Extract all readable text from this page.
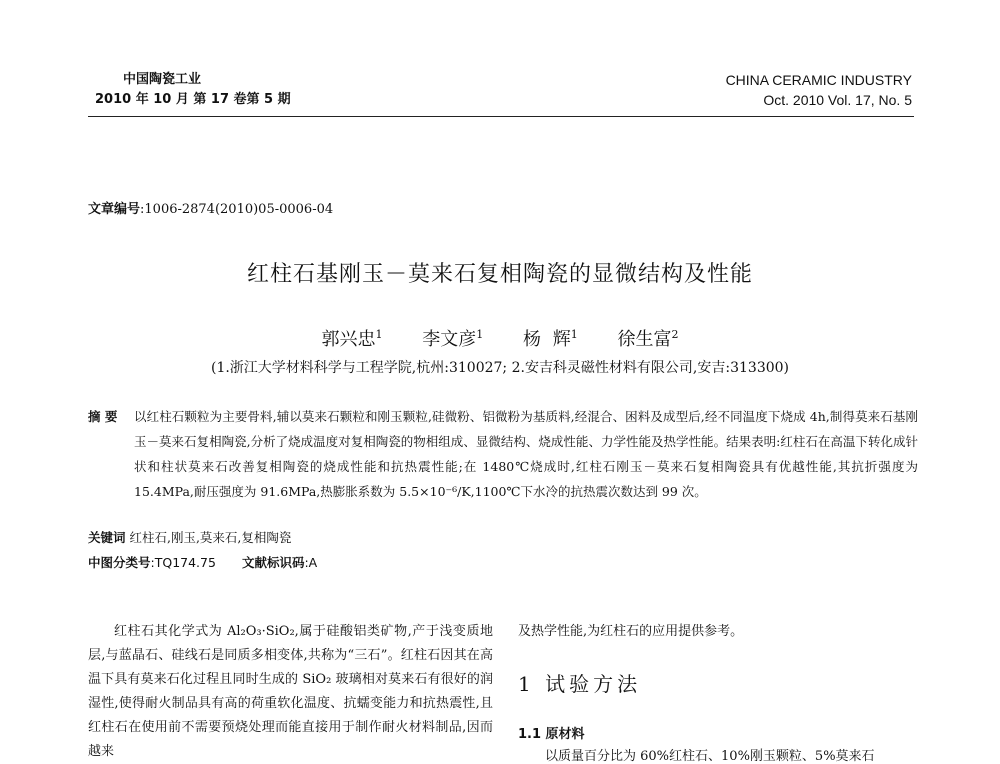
中国陶瓷工业
2010 年 10 月 第 17 卷第 5 期
CHINA CERAMIC INDUSTRY
Oct. 2010 Vol. 17, No. 5
文章编号:1006-2874(2010)05-0006-04
红柱石基刚玉－莫来石复相陶瓷的显微结构及性能
郭兴忠$^1$ 李文彦$^1$ 杨 辉$^1$ 徐生富$^2$
(1.浙江大学材料科学与工程学院,杭州:310027; 2.安吉科灵磁性材料有限公司,安吉:313300)
摘 要 以红柱石颗粒为主要骨料,辅以莫来石颗粒和刚玉颗粒,硅微粉、铝微粉为基质料,经混合、困料及成型后,经不同温度下烧成 4h,制得莫来石基刚玉－莫来石复相陶瓷,分析了烧成温度对复相陶瓷的物相组成、显微结构、烧成性能、力学性能及热学性能。结果表明:红柱石在高温下转化成针状和柱状莫来石改善复相陶瓷的烧成性能和抗热震性能;在 1480℃烧成时,红柱石刚玉－莫来石复相陶瓷具有优越性能,其抗折强度为 15.4MPa,耐压强度为 91.6MPa,热膨胀系数为 5.5×10⁻⁶/K,1100℃下水冷的抗热震次数达到 99 次。
关键词 红柱石,刚玉,莫来石,复相陶瓷
中图分类号:TQ174.75 文献标识码:A

红柱石其化学式为 Al₂O₃·SiO₂,属于硅酸铝类矿物,产于浅变质地层,与蓝晶石、硅线石是同质多相变体,共称为“三石”。红柱石因其在高温下具有莫来石化过程且同时生成的 SiO₂ 玻璃相对莫来石有很好的润湿性,使得耐火制品具有高的荷重软化温度、抗蠕变能力和抗热震性,且红柱石在使用前不需要预烧处理而能直接用于制作耐火材料制品,因而越来

及热学性能,为红柱石的应用提供参考。

1 试验方法
1.1 原材料
以质量百分比为 60%红柱石、10%刚玉颗粒、5%莫来石
